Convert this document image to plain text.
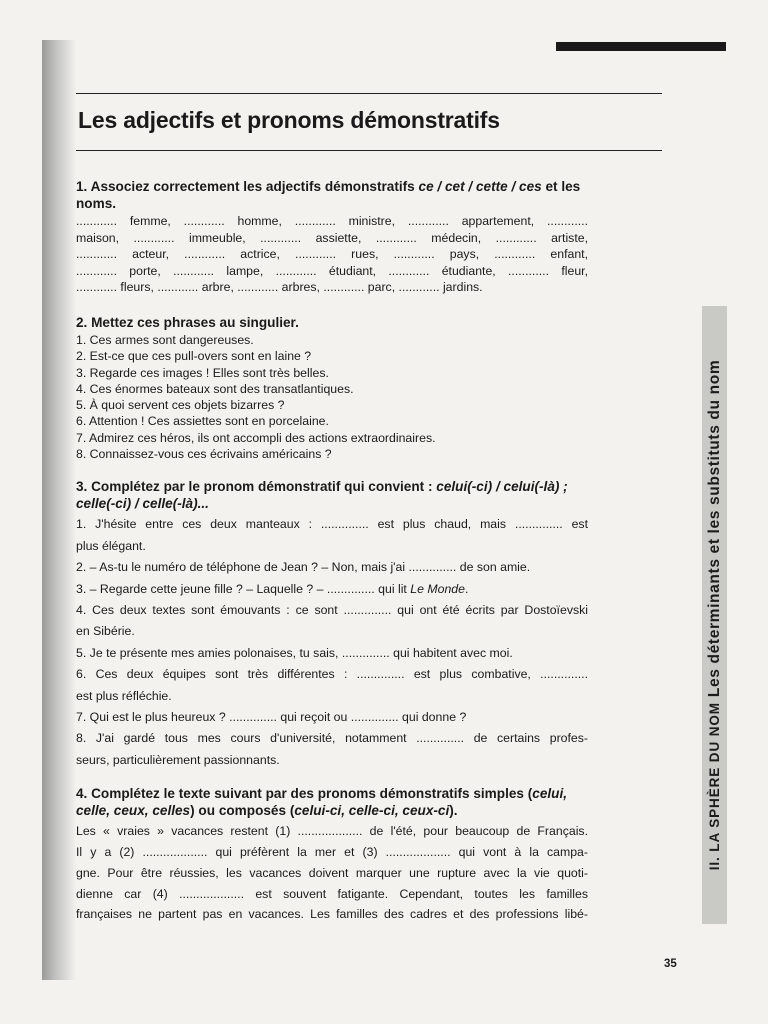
Les adjectifs et pronoms démonstratifs

1. Associez correctement les adjectifs démonstratifs ce / cet / cette / ces et les noms.

............ femme, ............ homme, ............ ministre, ............ appartement, ............
maison, ............ immeuble, ............ assiette, ............ médecin, ............ artiste,
............ acteur, ............ actrice, ............ rues, ............ pays, ............ enfant,
............ porte, ............ lampe, ............ étudiant, ............ étudiante, ............ fleur,
............ fleurs, ............ arbre, ............ arbres, ............ parc, ............ jardins.

2. Mettez ces phrases au singulier.

1. Ces armes sont dangereuses.
2. Est-ce que ces pull-overs sont en laine ?
3. Regarde ces images ! Elles sont très belles.
4. Ces énormes bateaux sont des transatlantiques.
5. À quoi servent ces objets bizarres ?
6. Attention ! Ces assiettes sont en porcelaine.
7. Admirez ces héros, ils ont accompli des actions extraordinaires.
8. Connaissez-vous ces écrivains américains ?

3. Complétez par le pronom démonstratif qui convient : celui(-ci) / celui(-là) ; celle(-ci) / celle(-là)...

1. J'hésite entre ces deux manteaux : .............. est plus chaud, mais .............. est
plus élégant.
2. – As-tu le numéro de téléphone de Jean ? – Non, mais j'ai .............. de son amie.
3. – Regarde cette jeune fille ? – Laquelle ? – .............. qui lit Le Monde.
4. Ces deux textes sont émouvants : ce sont .............. qui ont été écrits par Dostoïevski
en Sibérie.
5. Je te présente mes amies polonaises, tu sais, .............. qui habitent avec moi.
6. Ces deux équipes sont très différentes : .............. est plus combative, ..............
est plus réfléchie.
7. Qui est le plus heureux ? .............. qui reçoit ou .............. qui donne ?
8. J'ai gardé tous mes cours d'université, notamment .............. de certains profes-
seurs, particulièrement passionnants.

4. Complétez le texte suivant par des pronoms démonstratifs simples (celui, celle, ceux, celles) ou composés (celui-ci, celle-ci, ceux-ci).

Les « vraies » vacances restent (1) ................... de l'été, pour beaucoup de Français.
Il y a (2) ................... qui préfèrent la mer et (3) ................... qui vont à la campa-
gne. Pour être réussies, les vacances doivent marquer une rupture avec la vie quoti-
dienne car (4) ................... est souvent fatigante. Cependant, toutes les familles
françaises ne partent pas en vacances. Les familles des cadres et des professions libé-
II. LA SPHÈRE DU NOM Les déterminants et les substituts du nom
35
